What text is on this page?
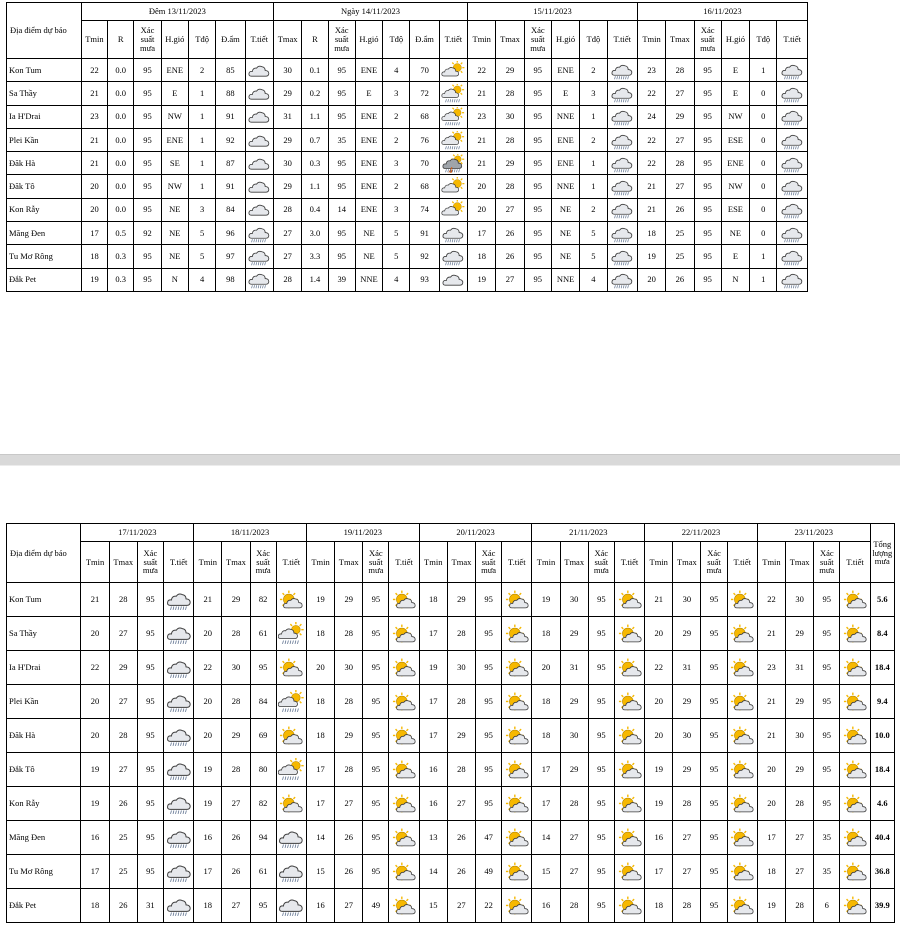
Địa điểm dự báo	Đêm 13/11/2023							Ngày 14/11/2023							15/11/2023						16/11/2023					
	Tmin	R	Xác suất mưa	H.gió	Tđộ	Đ.ẩm	T.tiết	Tmax	R	Xác suất mưa	H.gió	Tđộ	Đ.ẩm	T.tiết	Tmin	Tmax	Xác suất mưa	H.gió	Tđộ	T.tiết	Tmin	Tmax	Xác suất mưa	H.gió	Tđộ	T.tiết
Kon Tum	22	0.0	95	ENE	2	85		30	0.1	95	ENE	4	70		22	29	95	ENE	2		23	28	95	E	1	

Sa Thầy	21	0.0	95	E	1	88		29	0.2	95	E	3	72		21	28	95	E	3		22	27	95	E	0	

Ia H'Drai	23	0.0	95	NW	1	91		31	1.1	95	ENE	2	68		23	30	95	NNE	1		24	29	95	NW	0	

Plei Kần	21	0.0	95	ENE	1	92		29	0.7	35	ENE	2	76		21	28	95	ENE	2		22	27	95	ESE	0	

Đăk Hà	21	0.0	95	SE	1	87		30	0.3	95	ENE	3	70		21	29	95	ENE	1		22	28	95	ENE	0	

Đăk Tô	20	0.0	95	NW	1	91		29	1.1	95	ENE	2	68		20	28	95	NNE	1		21	27	95	NW	0	

Kon Rẫy	20	0.0	95	NE	3	84		28	0.4	14	ENE	3	74		20	27	95	NE	2		21	26	95	ESE	0	

Măng Đen	17	0.5	92	NE	5	96		27	3.0	95	NE	5	91		17	26	95	NE	5		18	25	95	NE	0	

Tu Mơ Rông	18	0.3	95	NE	5	97		27	3.3	95	NE	5	92		18	26	95	NE	5		19	25	95	E	1	

Đắk Pet	19	0.3	95	N	4	98		28	1.4	39	NNE	4	93		19	27	95	NNE	4		20	26	95	N	1	
Địa điểm dự báo	17/11/2023				18/11/2023				19/11/2023				20/11/2023				21/11/2023				22/11/2023				23/11/2023				Tổng lượng mưa
	Tmin	Tmax	Xác suất mưa	T.tiết	Tmin	Tmax	Xác suất mưa	T.tiết	Tmin	Tmax	Xác suất mưa	T.tiết	Tmin	Tmax	Xác suất mưa	T.tiết	Tmin	Tmax	Xác suất mưa	T.tiết	Tmin	Tmax	Xác suất mưa	T.tiết	Tmin	Tmax	Xác suất mưa	T.tiết	
Kon Tum	21	28	95		21	29	82		19	29	95		18	29	95		19	30	95		21	30	95		22	30	95		5.6
Sa Thầy	20	27	95		20	28	61		18	28	95		17	28	95		18	29	95		20	29	95		21	29	95		8.4
Ia H'Drai	22	29	95		22	30	95		20	30	95		19	30	95		20	31	95		22	31	95		23	31	95		18.4
Plei Kần	20	27	95		20	28	84		18	28	95		17	28	95		18	29	95		20	29	95		21	29	95		9.4
Đăk Hà	20	28	95		20	29	69		18	29	95		17	29	95		18	30	95		20	30	95		21	30	95		10.0
Đắk Tô	19	27	95		19	28	80		17	28	95		16	28	95		17	29	95		19	29	95		20	29	95		18.4
Kon Rẫy	19	26	95		19	27	82		17	27	95		16	27	95		17	28	95		19	28	95		20	28	95		4.6
Măng Đen	16	25	95		16	26	94		14	26	95		13	26	47		14	27	95		16	27	95		17	27	35		40.4
Tu Mơ Rông	17	25	95		17	26	61		15	26	95		14	26	49		15	27	95		17	27	95		18	27	35		36.8
Đắk Pet	18	26	31		18	27	95		16	27	49		15	27	22		16	28	95		18	28	95		19	28	6		39.9
